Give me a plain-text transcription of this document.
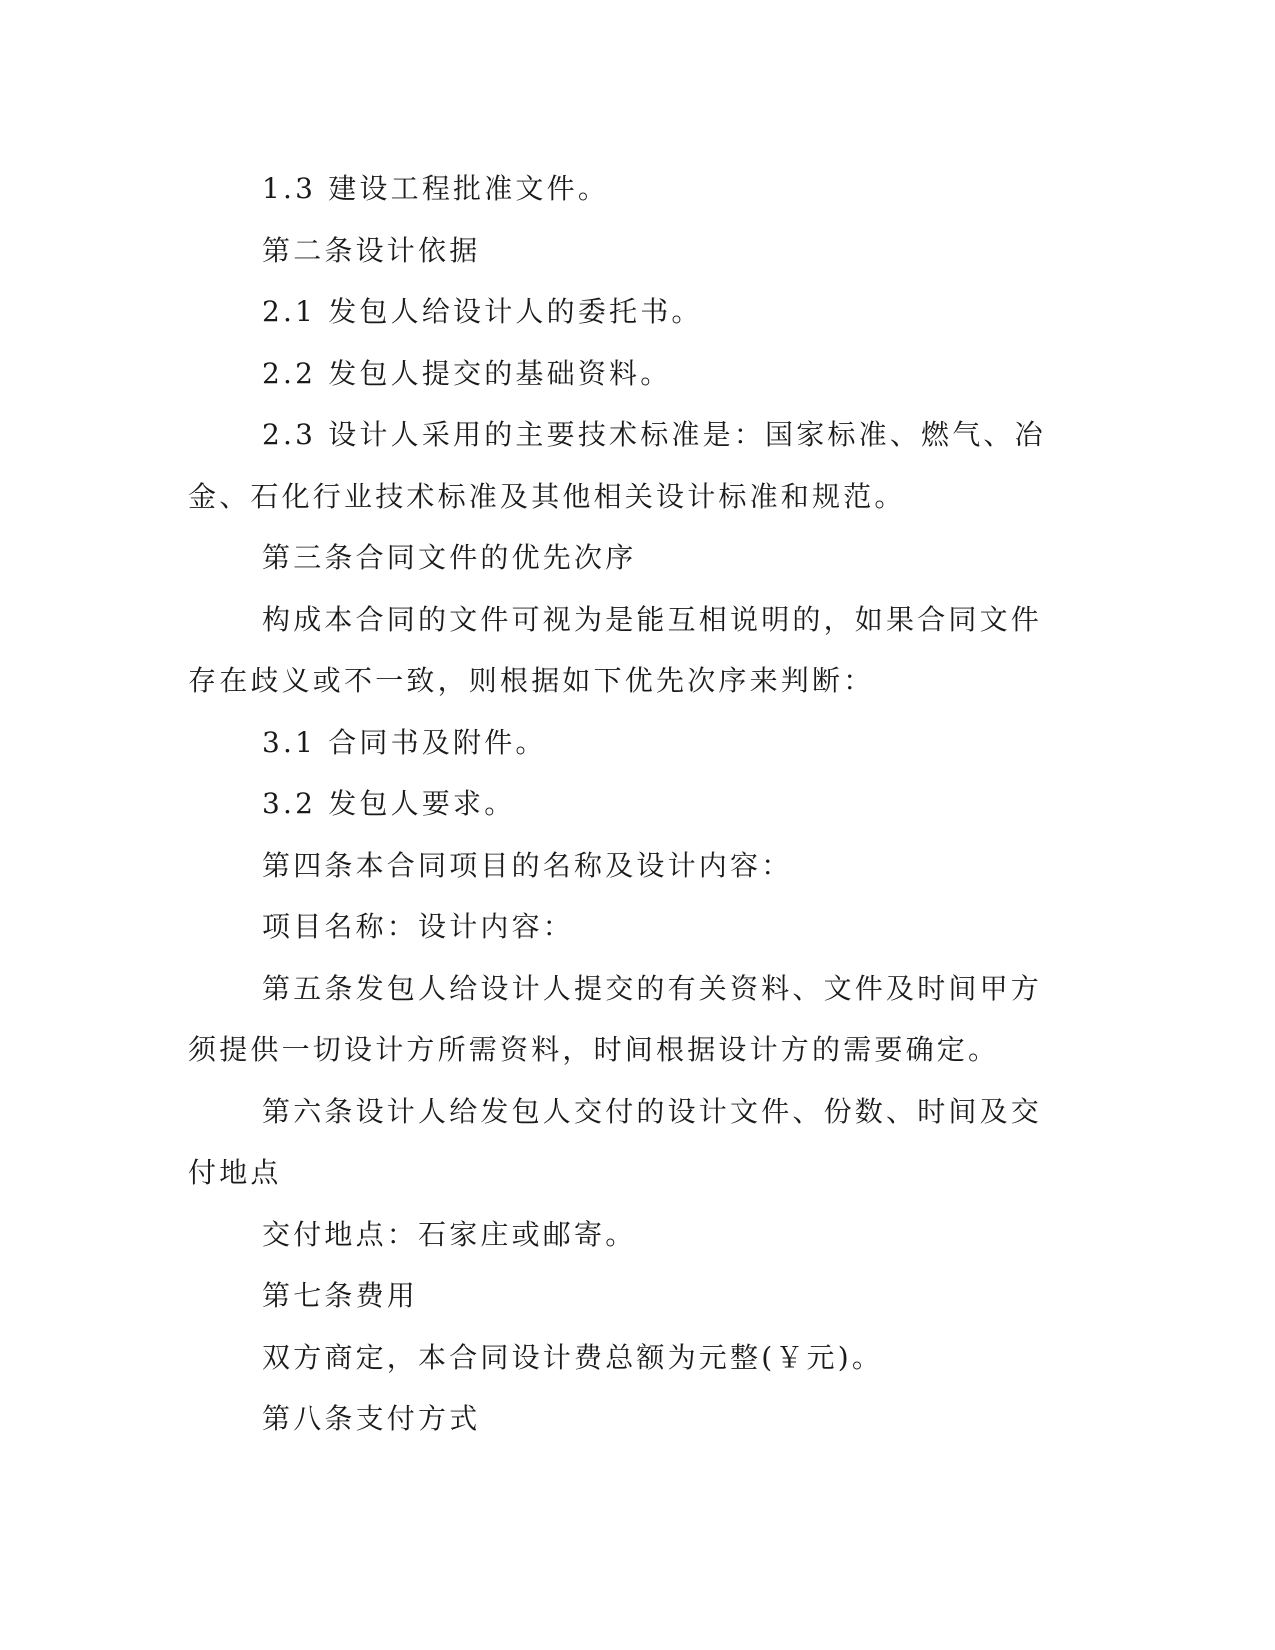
1.3 建设工程批准文件。

第二条设计依据

2.1 发包人给设计人的委托书。

2.2 发包人提交的基础资料。

2.3 设计人采用的主要技术标准是：国家标准、燃气、冶金、石化行业技术标准及其他相关设计标准和规范。

第三条合同文件的优先次序

构成本合同的文件可视为是能互相说明的，如果合同文件存在歧义或不一致，则根据如下优先次序来判断：

3.1 合同书及附件。

3.2 发包人要求。

第四条本合同项目的名称及设计内容：

项目名称：设计内容：

第五条发包人给设计人提交的有关资料、文件及时间甲方须提供一切设计方所需资料，时间根据设计方的需要确定。

第六条设计人给发包人交付的设计文件、份数、时间及交付地点

交付地点：石家庄或邮寄。

第七条费用

双方商定，本合同设计费总额为元整(￥元)。

第八条支付方式
